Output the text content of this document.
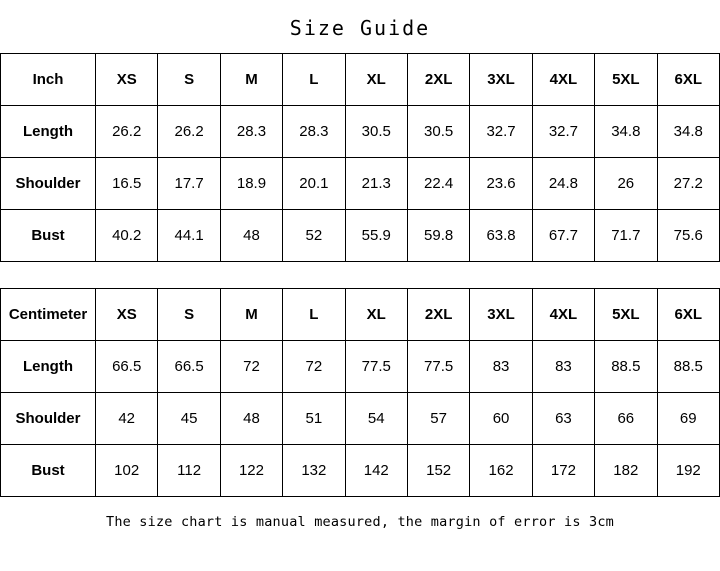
Size Guide
Inch	XS	S	M	L	XL	2XL	3XL	4XL	5XL	6XL
Length	26.2	26.2	28.3	28.3	30.5	30.5	32.7	32.7	34.8	34.8
Shoulder	16.5	17.7	18.9	20.1	21.3	22.4	23.6	24.8	26	27.2
Bust	40.2	44.1	48	52	55.9	59.8	63.8	67.7	71.7	75.6
Centimeter	XS	S	M	L	XL	2XL	3XL	4XL	5XL	6XL
Length	66.5	66.5	72	72	77.5	77.5	83	83	88.5	88.5
Shoulder	42	45	48	51	54	57	60	63	66	69
Bust	102	112	122	132	142	152	162	172	182	192
The size chart is manual measured, the margin of error is 3cm
